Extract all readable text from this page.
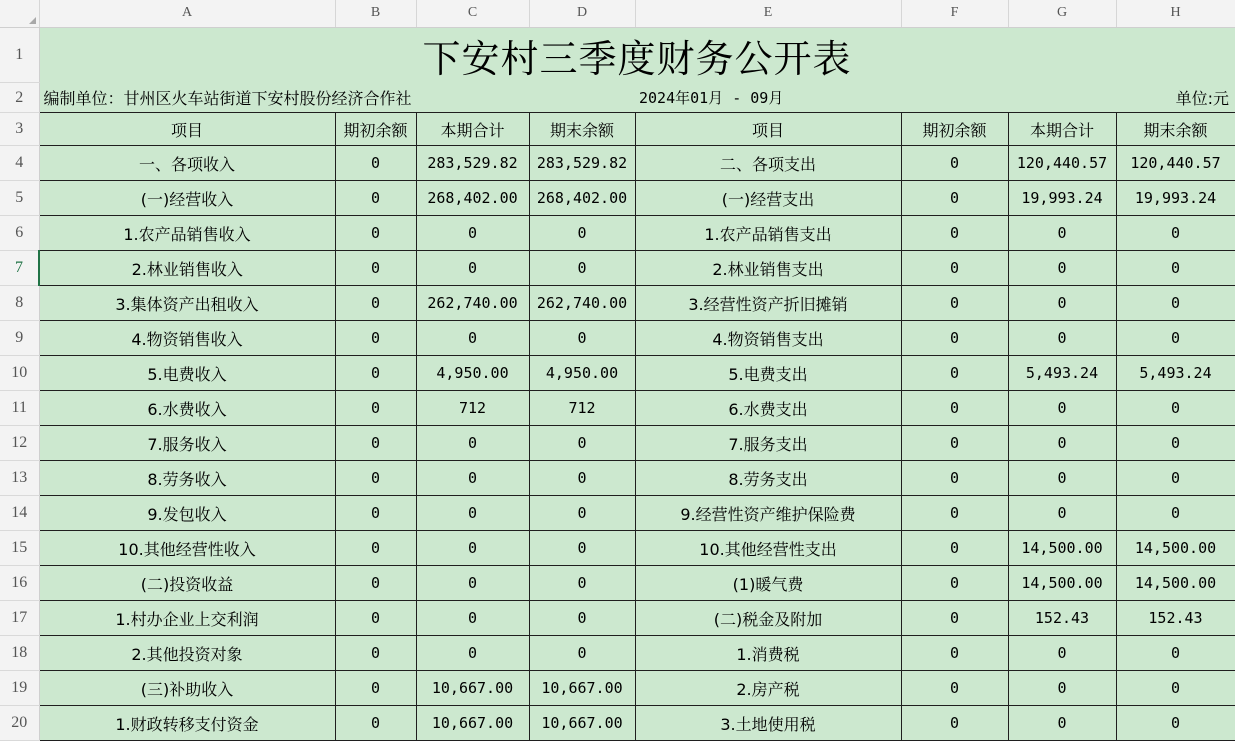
	A	B	C	D	E	F	G	H
1	下安村三季度财务公开表							
2	编制单位：甘州区火车站街道下安村股份经济合作社				2024年01月 - 09月			单位:元
3	项目	期初余额	本期合计	期末余额	项目	期初余额	本期合计	期末余额
4	一、各项收入	0	283,529.82	283,529.82	二、各项支出	0	120,440.57	120,440.57
5	(一)经营收入	0	268,402.00	268,402.00	(一)经营支出	0	19,993.24	19,993.24
6	1.农产品销售收入	0	0	0	1.农产品销售支出	0	0	0
7	2.林业销售收入	0	0	0	2.林业销售支出	0	0	0
8	3.集体资产出租收入	0	262,740.00	262,740.00	3.经营性资产折旧摊销	0	0	0
9	4.物资销售收入	0	0	0	4.物资销售支出	0	0	0
10	5.电费收入	0	4,950.00	4,950.00	5.电费支出	0	5,493.24	5,493.24
11	6.水费收入	0	712	712	6.水费支出	0	0	0
12	7.服务收入	0	0	0	7.服务支出	0	0	0
13	8.劳务收入	0	0	0	8.劳务支出	0	0	0
14	9.发包收入	0	0	0	9.经营性资产维护保险费	0	0	0
15	10.其他经营性收入	0	0	0	10.其他经营性支出	0	14,500.00	14,500.00
16	(二)投资收益	0	0	0	(1)暖气费	0	14,500.00	14,500.00
17	1.村办企业上交利润	0	0	0	(二)税金及附加	0	152.43	152.43
18	2.其他投资对象	0	0	0	1.消费税	0	0	0
19	(三)补助收入	0	10,667.00	10,667.00	2.房产税	0	0	0
20	1.财政转移支付资金	0	10,667.00	10,667.00	3.土地使用税	0	0	0
